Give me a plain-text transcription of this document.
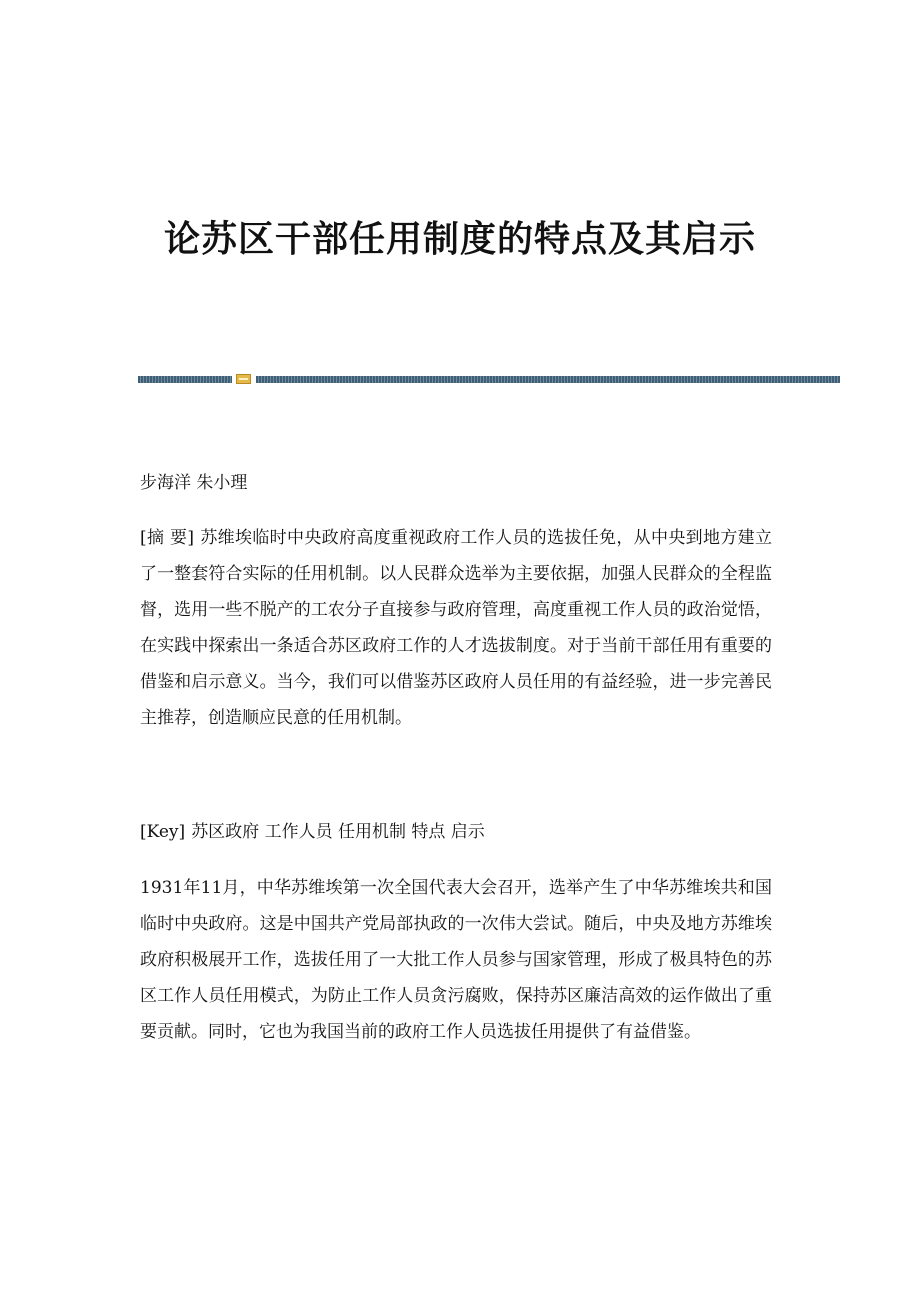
论苏区干部任用制度的特点及其启示

步海洋 朱小理

[摘 要] 苏维埃临时中央政府高度重视政府工作人员的选拔任免，从中央到地方建立了一整套符合实际的任用机制。以人民群众选举为主要依据，加强人民群众的全程监督，选用一些不脱产的工农分子直接参与政府管理，高度重视工作人员的政治觉悟，在实践中探索出一条适合苏区政府工作的人才选拔制度。对于当前干部任用有重要的借鉴和启示意义。当今，我们可以借鉴苏区政府人员任用的有益经验，进一步完善民主推荐，创造顺应民意的任用机制。

[Key] 苏区政府 工作人员 任用机制 特点 启示

1931年11月，中华苏维埃第一次全国代表大会召开，选举产生了中华苏维埃共和国临时中央政府。这是中国共产党局部执政的一次伟大尝试。随后，中央及地方苏维埃政府积极展开工作，选拔任用了一大批工作人员参与国家管理，形成了极具特色的苏区工作人员任用模式，为防止工作人员贪污腐败，保持苏区廉洁高效的运作做出了重要贡献。同时，它也为我国当前的政府工作人员选拔任用提供了有益借鉴。
